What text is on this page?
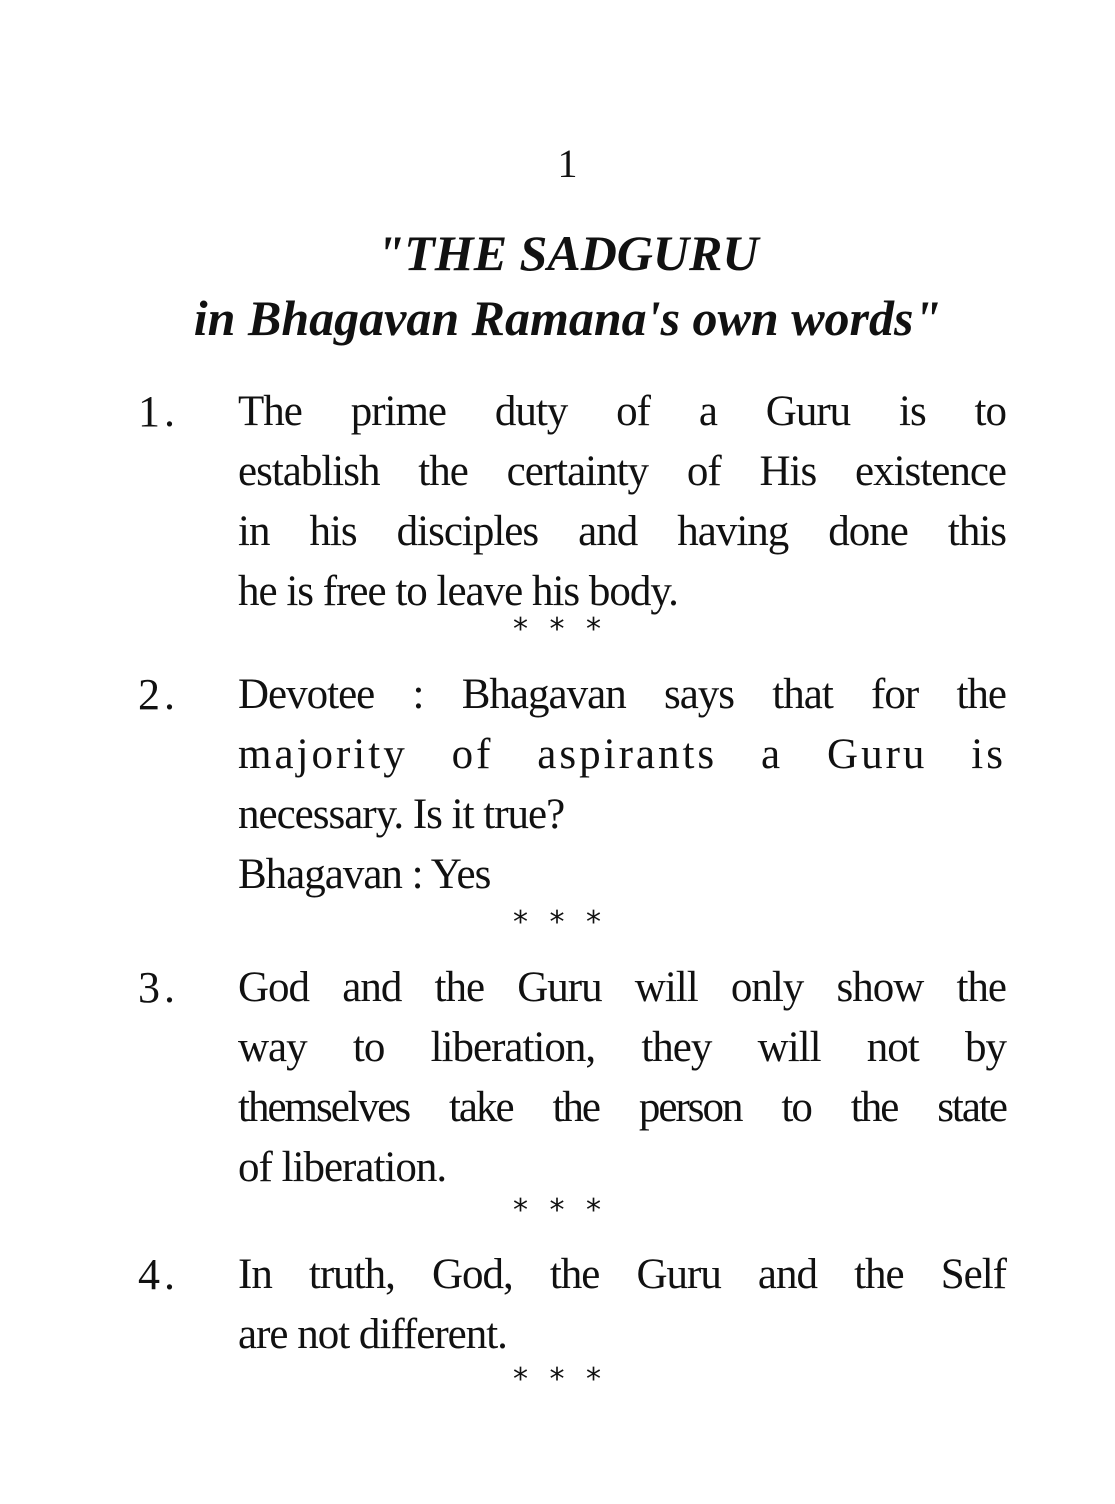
1
"THE SADGURU
in Bhagavan Ramana's own words"
1. The prime duty of a Guru is to
establish the certainty of His existence
in his disciples and having done this
he is free to leave his body.
* * *
2. Devotee : Bhagavan says that for the
majority of aspirants a Guru is
necessary. Is it true?
Bhagavan : Yes
* * *
3. God and the Guru will only show the
way to liberation, they will not by
themselves take the person to the state
of liberation.
* * *
4. In truth, God, the Guru and the Self
are not different.
* * *
